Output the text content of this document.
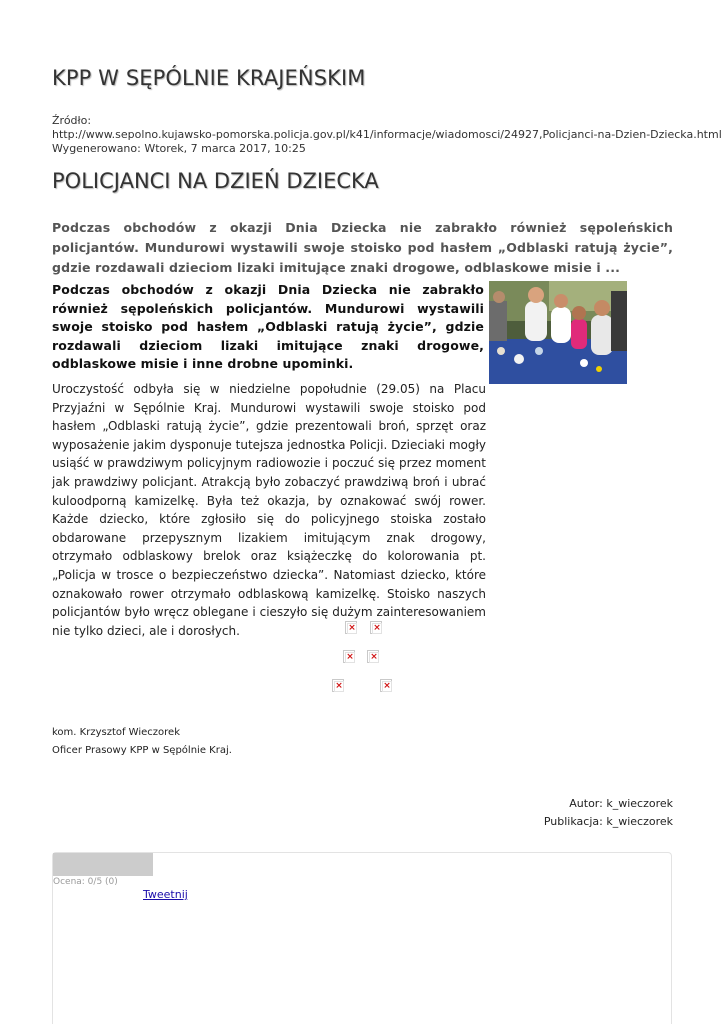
KPP W SĘPÓLNIE KRAJEŃSKIM
Źródło:
http://www.sepolno.kujawsko-pomorska.policja.gov.pl/k41/informacje/wiadomosci/24927,Policjanci-na-Dzien-Dziecka.html
Wygenerowano: Wtorek, 7 marca 2017, 10:25
POLICJANCI NA DZIEŃ DZIECKA
Podczas obchodów z okazji Dnia Dziecka nie zabrakło również sępoleńskich policjantów. Mundurowi wystawili swoje stoisko pod hasłem „Odblaski ratują życie”, gdzie rozdawali dzieciom lizaki imitujące znaki drogowe, odblaskowe misie i ...
Podczas obchodów z okazji Dnia Dziecka nie zabrakło również sępoleńskich policjantów. Mundurowi wystawili swoje stoisko pod hasłem „Odblaski ratują życie”, gdzie rozdawali dzieciom lizaki imitujące znaki drogowe, odblaskowe misie i inne drobne upominki.
Uroczystość odbyła się w niedzielne popołudnie (29.05) na Placu Przyjaźni w Sępólnie Kraj. Mundurowi wystawili swoje stoisko pod hasłem „Odblaski ratują życie”, gdzie prezentowali broń, sprzęt oraz wyposażenie jakim dysponuje tutejsza jednostka Policji. Dzieciaki mogły usiąść w prawdziwym policyjnym radiowozie i poczuć się przez moment jak prawdziwy policjant. Atrakcją było zobaczyć prawdziwą broń i ubrać kuloodporną kamizelkę. Była też okazja, by oznakować swój rower. Każde dziecko, które zgłosiło się do policyjnego stoiska zostało obdarowane przepysznym lizakiem imitującym znak drogowy, otrzymało odblaskowy brelok oraz książeczkę do kolorowania pt. „Policja w trosce o bezpieczeństwo dziecka”. Natomiast dziecko, które oznakowało rower otrzymało odblaskową kamizelkę. Stoisko naszych policjantów było wręcz oblegane i cieszyło się dużym zainteresowaniem nie tylko dzieci, ale i dorosłych.	× ×
× ×
×	×
kom. Krzysztof Wieczorek
Oficer Prasowy KPP w Sępólnie Kraj.
Autor: k_wieczorek
Publikacja: k_wieczorek
Ocena: 0/5 (0)
Tweetnij
